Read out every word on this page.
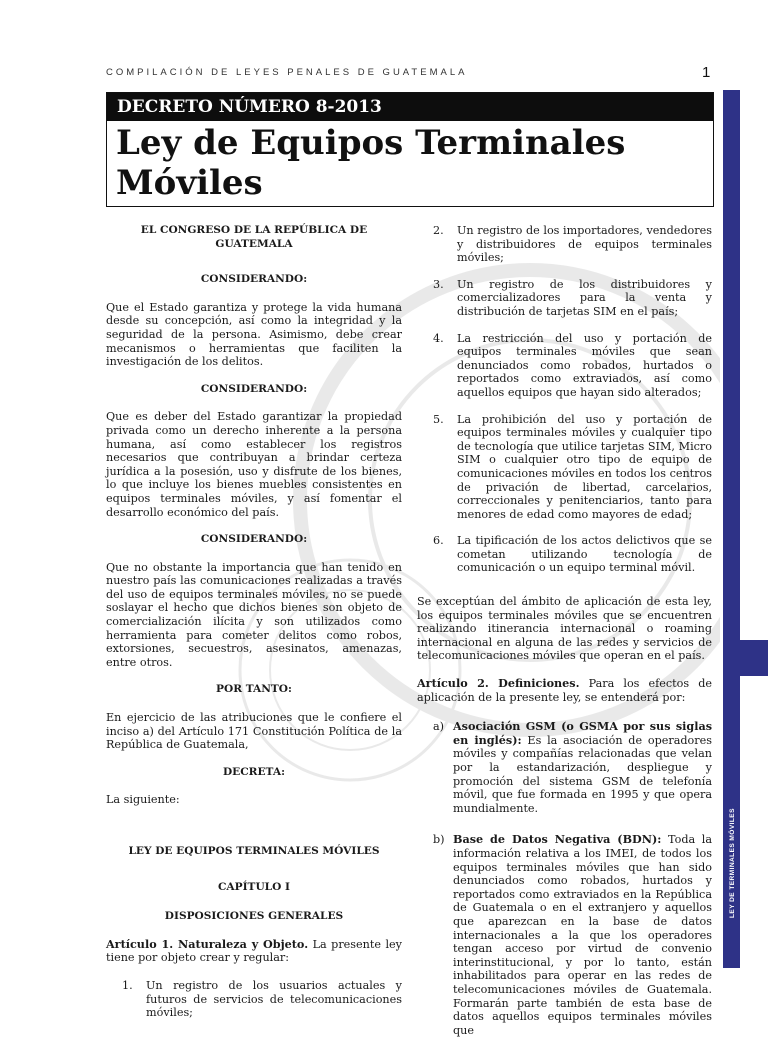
COMPILACIÓN DE LEYES PENALES DE GUATEMALA	1
DECRETO NÚMERO 8-2013
Ley de Equipos Terminales
Móviles
LEY DE TERMINALES MÓVILES
EL CONGRESO DE LA REPÚBLICA DE GUATEMALA
CONSIDERANDO:

Que el Estado garantiza y protege la vida humana desde su concepción, así como la integridad y la seguridad de la persona. Asimismo, debe crear mecanismos o herramientas que faciliten la investigación de los delitos.

CONSIDERANDO:

Que es deber del Estado garantizar la propiedad privada como un derecho inherente a la persona humana, así como establecer los registros necesarios que contribuyan a brindar certeza jurídica a la posesión, uso y disfrute de los bienes, lo que incluye los bienes muebles consistentes en equipos terminales móviles, y así fomentar el desarrollo económico del país.

CONSIDERANDO:

Que no obstante la importancia que han tenido en nuestro país las comunicaciones realizadas a través del uso de equipos terminales móviles, no se puede soslayar el hecho que dichos bienes son objeto de comercialización ilícita y son utilizados como herramienta para cometer delitos como robos, extorsiones, secuestros, asesinatos, amenazas, entre otros.

POR TANTO:

En ejercicio de las atribuciones que le confiere el inciso a) del Artículo 171 Constitución Política de la República de Guatemala,

DECRETA:

La siguiente:

LEY DE EQUIPOS TERMINALES MÓVILES
CAPÍTULO I
DISPOSICIONES GENERALES

Artículo 1. Naturaleza y Objeto. La presente ley tiene por objeto crear y regular:

1.	Un registro de los usuarios actuales y futuros de servicios de telecomunicaciones móviles;
2.	Un registro de los importadores, vendedores y distribuidores de equipos terminales móviles;
3.	Un registro de los distribuidores y comercializadores para la venta y distribución de tarjetas SIM en el país;
4.	La restricción del uso y portación de equipos terminales móviles que sean denunciados como robados, hurtados o reportados como extraviados, así como aquellos equipos que hayan sido alterados;
5.	La prohibición del uso y portación de equipos terminales móviles y cualquier tipo de tecnología que utilice tarjetas SIM, Micro SIM o cualquier otro tipo de equipo de comunicaciones móviles en todos los centros de privación de libertad, carcelarios, correccionales y penitenciarios, tanto para menores de edad como mayores de edad;
6.	La tipificación de los actos delictivos que se cometan utilizando tecnología de comunicación o un equipo terminal móvil.

Se exceptúan del ámbito de aplicación de esta ley, los equipos terminales móviles que se encuentren realizando itinerancia internacional o roaming internacional en alguna de las redes y servicios de telecomunicaciones móviles que operan en el país.

Artículo 2. Definiciones. Para los efectos de aplicación de la presente ley, se entenderá por:

a) Asociación GSM (o GSMA por sus siglas en inglés): Es la asociación de operadores móviles y compañías relacionadas que velan por la estandarización, despliegue y promoción del sistema GSM de telefonía móvil, que fue formada en 1995 y que opera mundialmente.
b) Base de Datos Negativa (BDN): Toda la información relativa a los IMEI, de todos los equipos terminales móviles que han sido denunciados como robados, hurtados y reportados como extraviados en la República de Guatemala o en el extranjero y aquellos que aparezcan en la base de datos internacionales a la que los operadores tengan acceso por virtud de convenio interinstitucional, y por lo tanto, están inhabilitados para operar en las redes de telecomunicaciones móviles de Guatemala. Formarán parte también de esta base de datos aquellos equipos terminales móviles que
